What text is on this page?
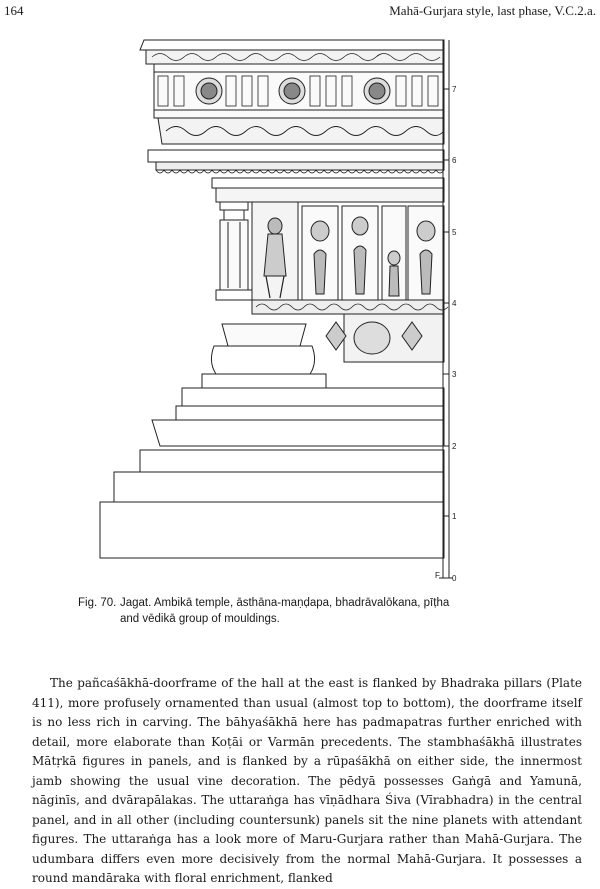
164	Mahā-Gurjara style, last phase, V.C.2.a.
7
6
5
4
3
2
1
F 0
Fig. 70. Jagat. Ambikā temple, āsthāna-maṇḍapa, bhadrāvalōkana, pīṭha
and vēdikā group of mouldings.

The pañcaśākhā-doorframe of the hall at the east is flanked by Bhadraka pillars (Plate 411), more profusely ornamented than usual (almost top to bottom), the doorframe itself is no less rich in carving. The bāhyaśākhā here has padmapatras further enriched with detail, more elaborate than Koṭāi or Varmān precedents. The stambhaśākhā illustrates Mātṛkā figures in panels, and is flanked by a rūpaśākhā on either side, the innermost jamb showing the usual vine decoration. The pēdyā possesses Gaṅgā and Yamunā, nāginīs, and dvārapālakas. The uttaraṅga has vīṇādhara Śiva (Vīrabhadra) in the central panel, and in all other (including countersunk) panels sit the nine planets with attendant figures. The uttaraṅga has a look more of Maru-Gurjara rather than Mahā-Gurjara. The udumbara differs even more decisively from the normal Mahā-Gurjara. It possesses a round mandāraka with floral enrichment, flanked
